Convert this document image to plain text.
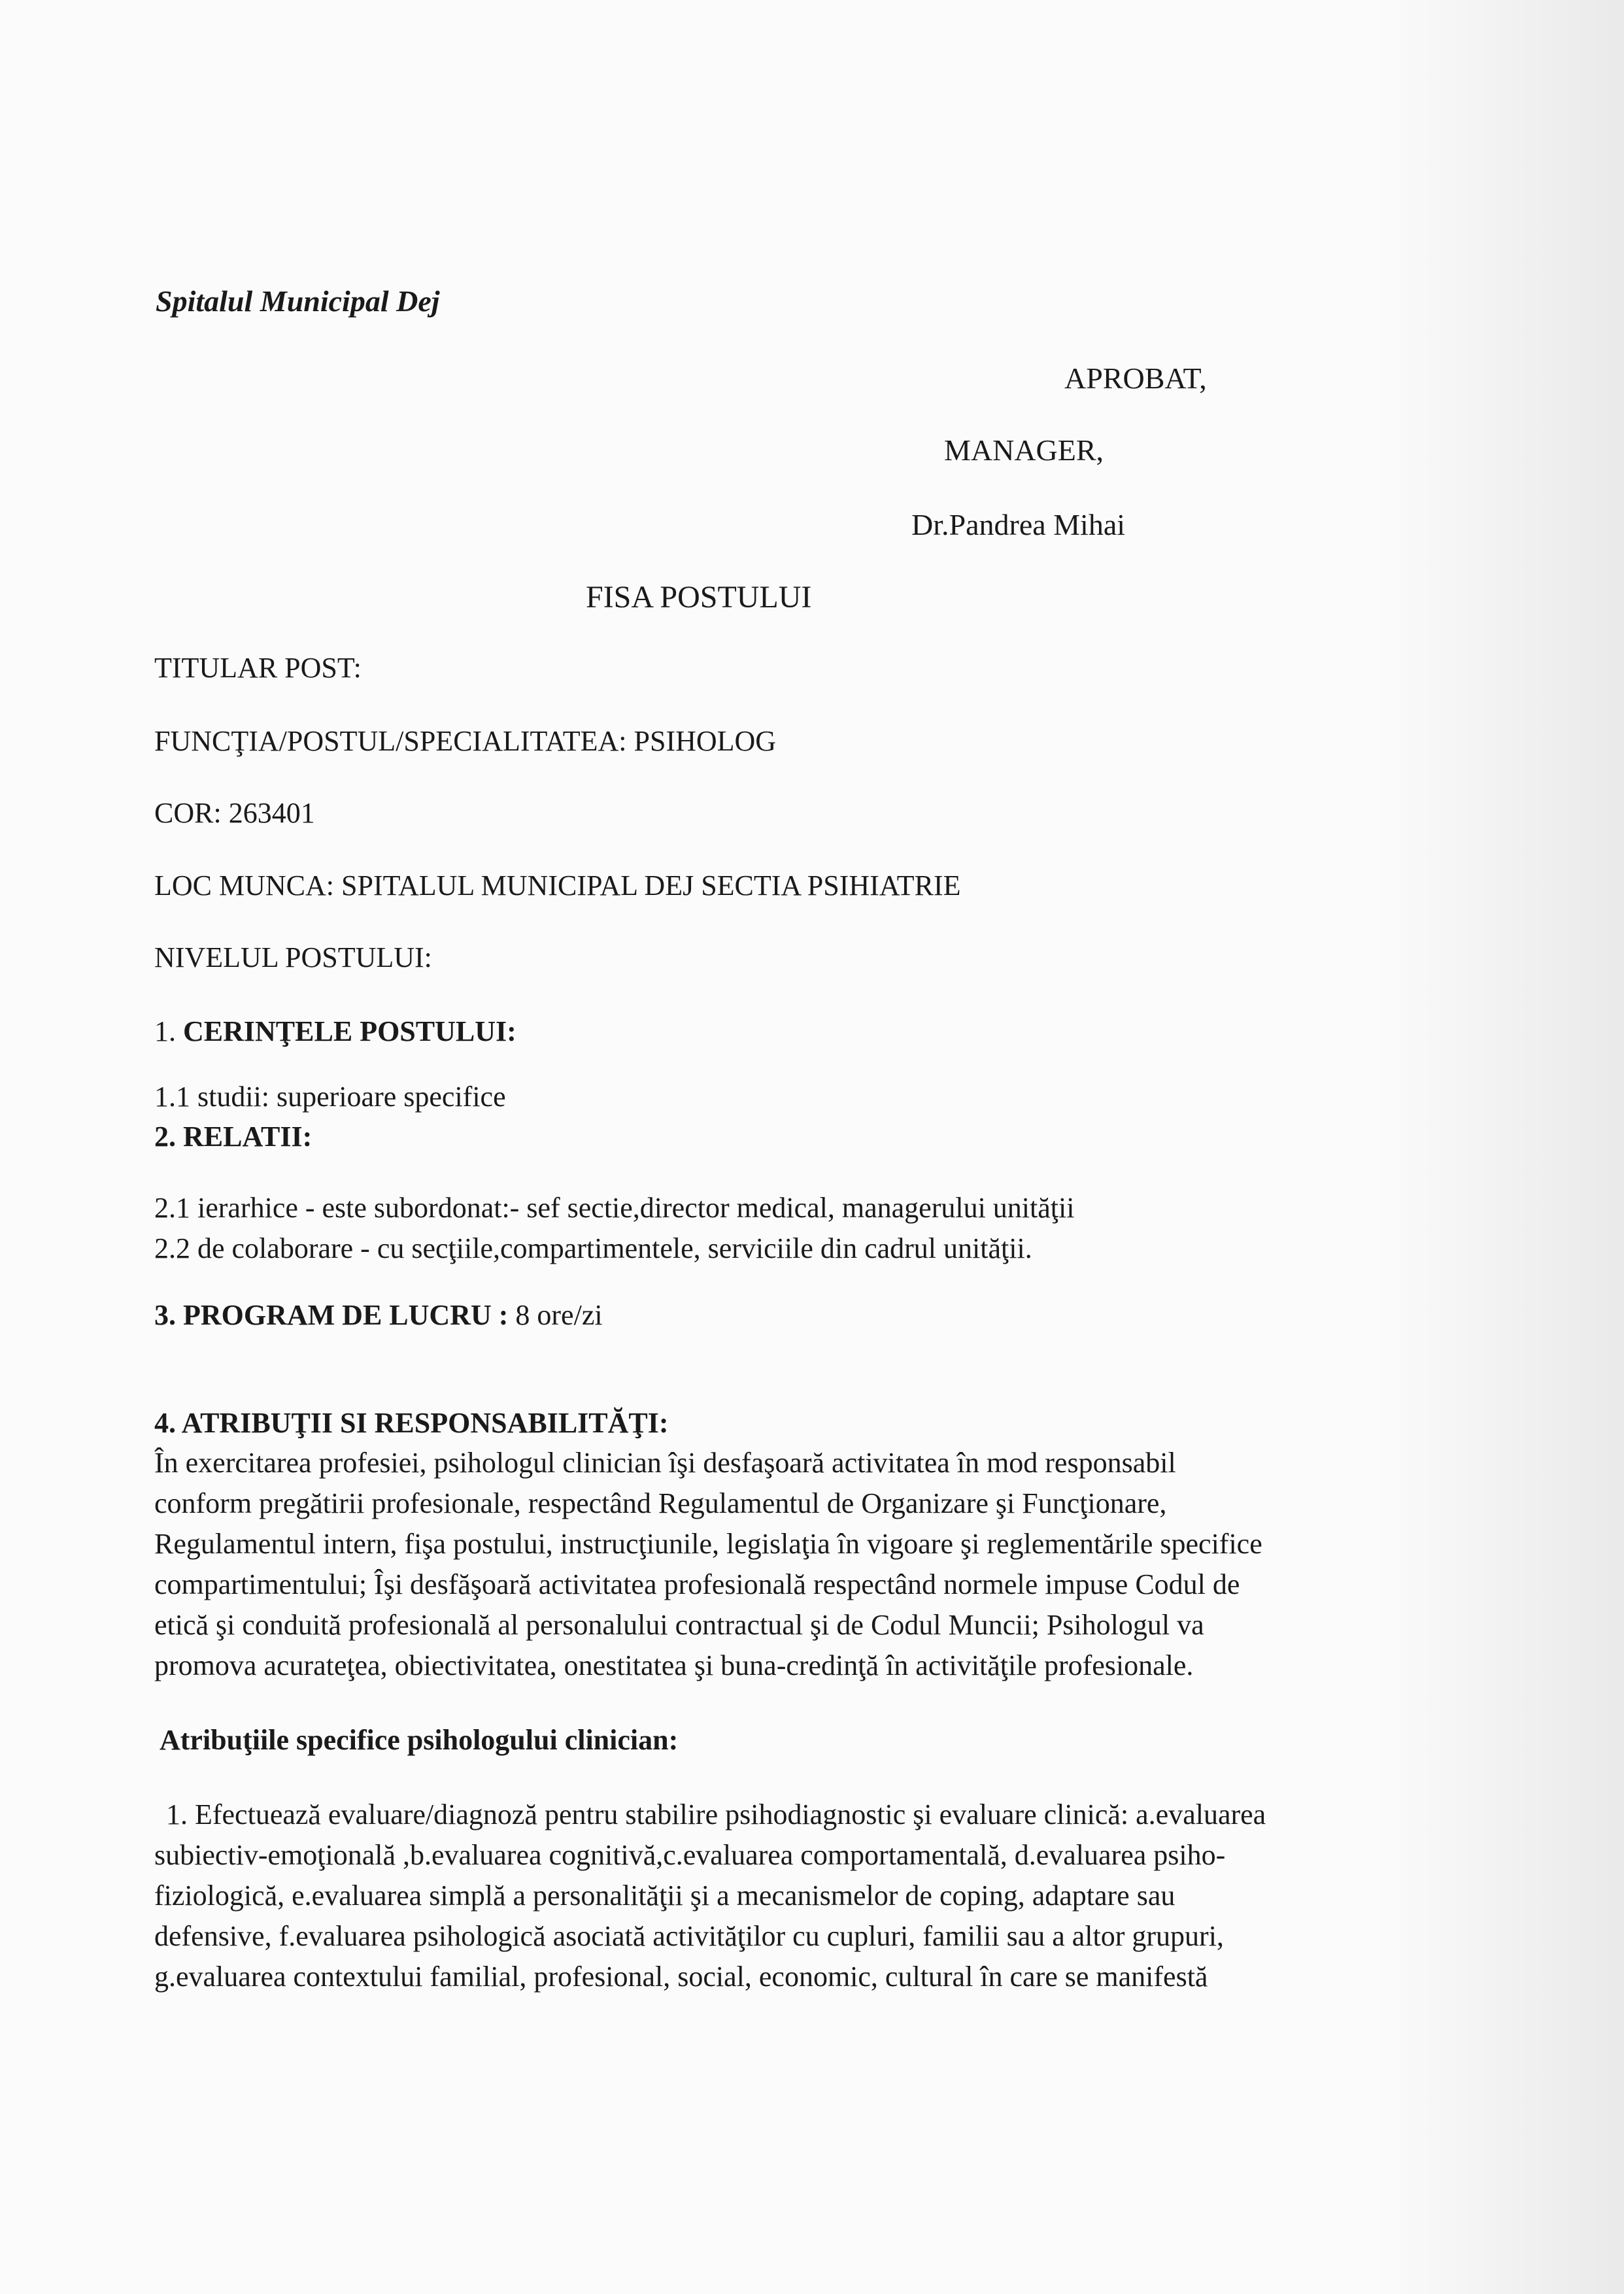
Spitalul Municipal Dej
APROBAT,
MANAGER,
Dr.Pandrea Mihai
FISA POSTULUI
TITULAR POST:
FUNCŢIA/POSTUL/SPECIALITATEA: PSIHOLOG
COR: 263401
LOC MUNCA: SPITALUL MUNICIPAL DEJ SECTIA PSIHIATRIE
NIVELUL POSTULUI:
1. CERINŢELE POSTULUI:
1.1 studii: superioare specifice
2. RELATII:
2.1 ierarhice - este subordonat:- sef sectie,director medical, managerului unităţii
2.2 de colaborare - cu secţiile,compartimentele, serviciile din cadrul unităţii.
3. PROGRAM DE LUCRU : 8 ore/zi
4. ATRIBUŢII SI RESPONSABILITĂŢI:
În exercitarea profesiei, psihologul clinician îşi desfaşoară activitatea în mod responsabil
conform pregătirii profesionale, respectând Regulamentul de Organizare şi Funcţionare,
Regulamentul intern, fişa postului, instrucţiunile, legislaţia în vigoare şi reglementările specifice
compartimentului; Îşi desfăşoară activitatea profesională respectând normele impuse Codul de
etică şi conduită profesională al personalului contractual şi de Codul Muncii; Psihologul va
promova acurateţea, obiectivitatea, onestitatea şi buna-credinţă în activităţile profesionale.
Atribuţiile specifice psihologului clinician:
1. Efectuează evaluare/diagnoză pentru stabilire psihodiagnostic şi evaluare clinică: a.evaluarea
subiectiv-emoţională ,b.evaluarea cognitivă,c.evaluarea comportamentală, d.evaluarea psiho-
fiziologică, e.evaluarea simplă a personalităţii şi a mecanismelor de coping, adaptare sau
defensive, f.evaluarea psihologică asociată activităţilor cu cupluri, familii sau a altor grupuri,
g.evaluarea contextului familial, profesional, social, economic, cultural în care se manifestă
